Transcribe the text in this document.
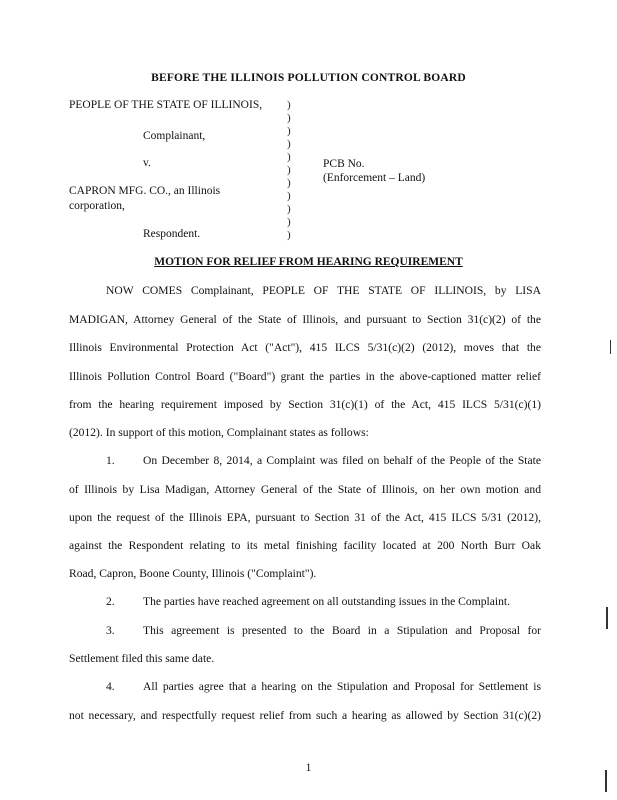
BEFORE THE ILLINOIS POLLUTION CONTROL BOARD
PEOPLE OF THE STATE OF ILLINOIS,
Complainant,
v.
CAPRON MFG. CO., an Illinois
corporation,
Respondent.
PCB No.
(Enforcement – Land)
)
)
)
)
)
)
)
)
)
)
)
MOTION FOR RELIEF FROM HEARING REQUIREMENT
NOW COMES Complainant, PEOPLE OF THE STATE OF ILLINOIS, by LISA
MADIGAN, Attorney General of the State of Illinois, and pursuant to Section 31(c)(2) of the
Illinois Environmental Protection Act ("Act"), 415 ILCS 5/31(c)(2) (2012), moves that the
Illinois Pollution Control Board ("Board") grant the parties in the above-captioned matter relief
from the hearing requirement imposed by Section 31(c)(1) of the Act, 415 ILCS 5/31(c)(1)
(2012). In support of this motion, Complainant states as follows:
1. On December 8, 2014, a Complaint was filed on behalf of the People of the State
of Illinois by Lisa Madigan, Attorney General of the State of Illinois, on her own motion and
upon the request of the Illinois EPA, pursuant to Section 31 of the Act, 415 ILCS 5/31 (2012),
against the Respondent relating to its metal finishing facility located at 200 North Burr Oak
Road, Capron, Boone County, Illinois ("Complaint").
2. The parties have reached agreement on all outstanding issues in the Complaint.
3. This agreement is presented to the Board in a Stipulation and Proposal for
Settlement filed this same date.
4. All parties agree that a hearing on the Stipulation and Proposal for Settlement is
not necessary, and respectfully request relief from such a hearing as allowed by Section 31(c)(2)
1
